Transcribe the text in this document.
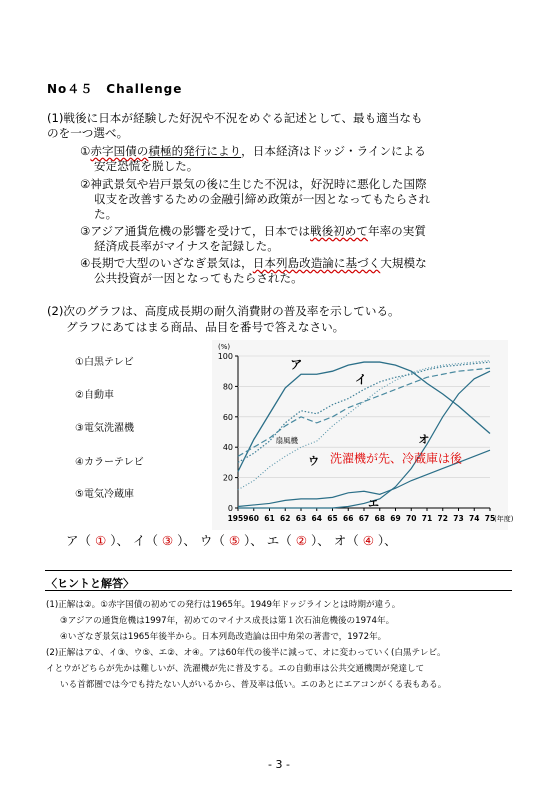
No４５　Challenge
(1)戦後に日本が経験した好況や不況をめぐる記述として、最も適当なも
のを一つ選べ。
①赤字国債の積極的発行により，日本経済はドッジ・ラインによる
安定恐慌を脱した。
②神武景気や岩戸景気の後に生じた不況は，好況時に悪化した国際
収支を改善するための金融引締め政策が一因となってもたらされ
た。
③アジア通貨危機の影響を受けて，日本では戦後初めて年率の実質
経済成長率がマイナスを記録した。
④長期で大型のいざなぎ景気は，日本列島改造論に基づく大規模な
公共投資が一因となってもたらされた。
(2)次のグラフは、高度成長期の耐久消費財の普及率を示している。
グラフにあてはまる商品、品目を番号で答えなさい。
①白黒テレビ
②自動車
③電気洗濯機
④カラーテレビ
⑤電気冷蔵庫
100
80
60
40
20
0
(%)
1959 60 61 62 63 64 65 66 67 68 69 70 71 72 73 74 75
(年度)
ア
イ
ウ
エ
オ
扇風機
洗濯機が先、冷蔵庫は後
ア（ ① ）、 イ（ ③ ）、 ウ（ ⑤ ）、 エ（ ② ）、 オ（ ④ ）、
〈ヒントと解答〉
(1)正解は②。①赤字国債の初めての発行は1965年。1949年ドッジラインとは時期が違う。
③アジアの通貨危機は1997年，初めてのマイナス成長は第１次石油危機後の1974年。
④いざなぎ景気は1965年後半から。日本列島改造論は田中角栄の著書で，1972年。
(2)正解はア①、イ③、ウ⑤、エ②、オ④。アは60年代の後半に減って、オに変わっていく(白黒テレビ。
イとウがどちらが先かは難しいが、洗濯機が先に普及する。エの自動車は公共交通機関が発達して
いる首都圏では今でも持たない人がいるから、普及率は低い。エのあとにエアコンがくる表もある。
- 3 -
